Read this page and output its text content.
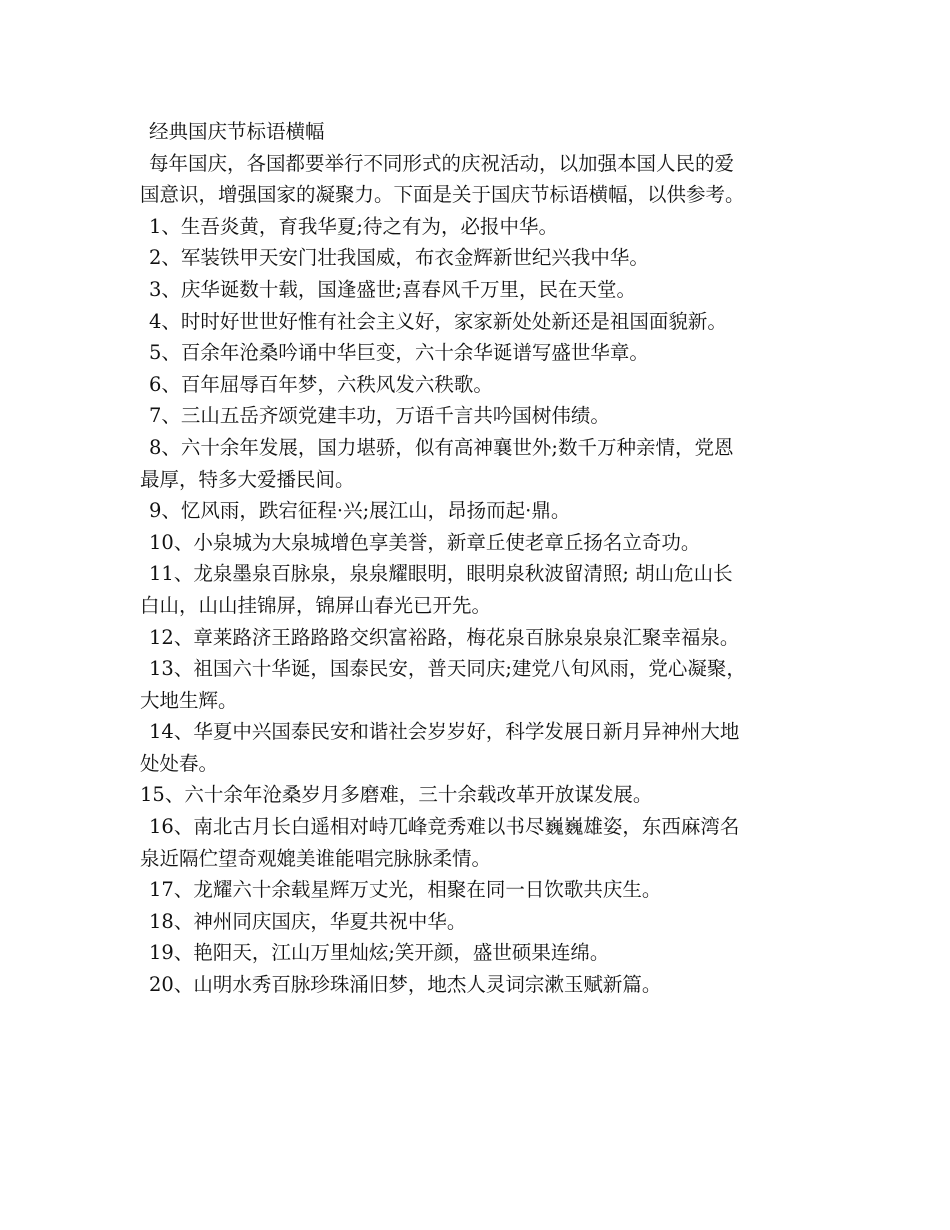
经典国庆节标语横幅
每年国庆，各国都要举行不同形式的庆祝活动，以加强本国人民的爱
国意识，增强国家的凝聚力。下面是关于国庆节标语横幅，以供参考。
1、生吾炎黄，育我华夏;待之有为，必报中华。
2、军装铁甲天安门壮我国威，布衣金辉新世纪兴我中华。
3、庆华诞数十载，国逢盛世;喜春风千万里，民在天堂。
4、时时好世世好惟有社会主义好，家家新处处新还是祖国面貌新。
5、百余年沧桑吟诵中华巨变，六十余华诞谱写盛世华章。
6、百年屈辱百年梦，六秩风发六秩歌。
7、三山五岳齐颂党建丰功，万语千言共吟国树伟绩。
8、六十余年发展，国力堪骄，似有高神襄世外;数千万种亲情，党恩
最厚，特多大爱播民间。
9、忆风雨，跌宕征程·兴;展江山，昂扬而起·鼎。
10、小泉城为大泉城增色享美誉，新章丘使老章丘扬名立奇功。
11、龙泉墨泉百脉泉，泉泉耀眼明，眼明泉秋波留清照; 胡山危山长
白山，山山挂锦屏，锦屏山春光已开先。
12、章莱路济王路路路交织富裕路，梅花泉百脉泉泉泉汇聚幸福泉。
13、祖国六十华诞，国泰民安，普天同庆;建党八旬风雨，党心凝聚，
大地生辉。
14、华夏中兴国泰民安和谐社会岁岁好，科学发展日新月异神州大地
处处春。
15、六十余年沧桑岁月多磨难，三十余载改革开放谋发展。
16、南北古月长白遥相对峙兀峰竞秀难以书尽巍巍雄姿，东西麻湾名
泉近隔伫望奇观媲美谁能唱完脉脉柔情。
17、龙耀六十余载星辉万丈光，相聚在同一日饮歌共庆生。
18、神州同庆国庆，华夏共祝中华。
19、艳阳天，江山万里灿炫;笑开颜，盛世硕果连绵。
20、山明水秀百脉珍珠涌旧梦，地杰人灵词宗漱玉赋新篇。
